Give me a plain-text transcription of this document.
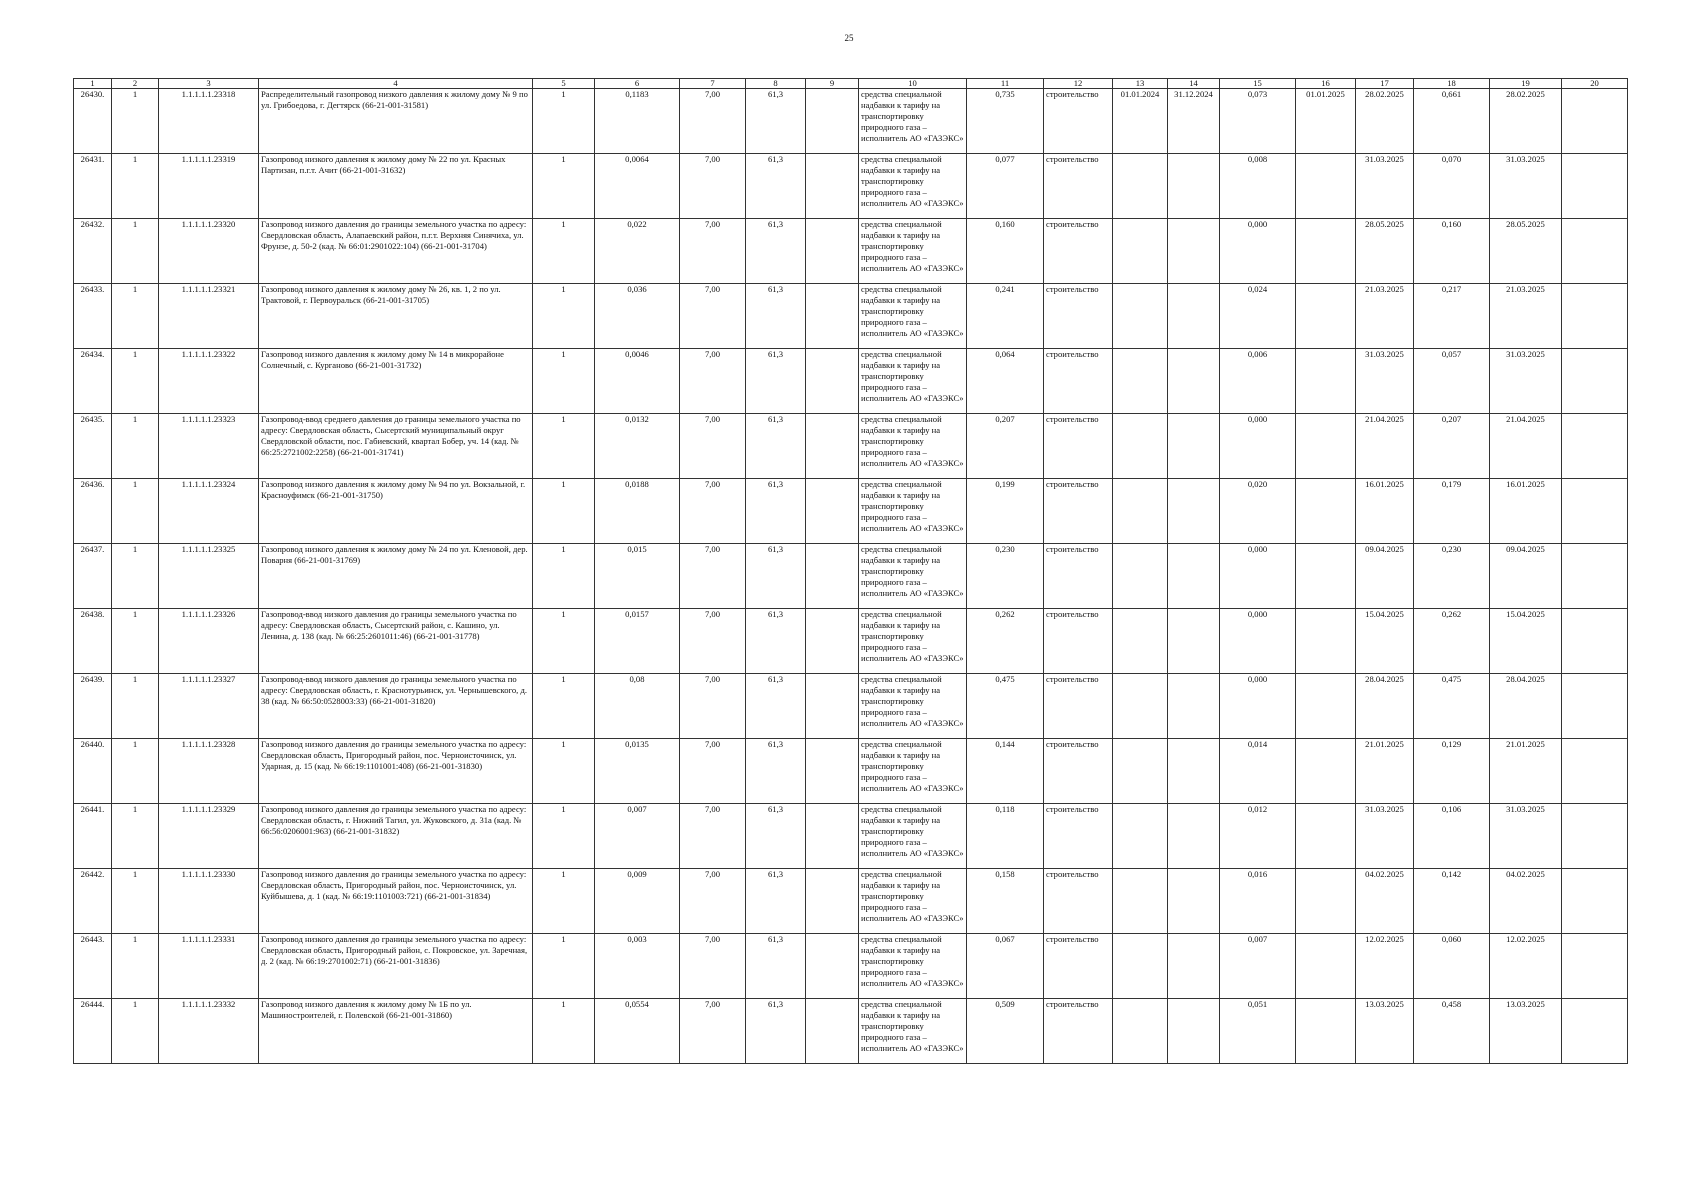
25
1	2	3	4	5	6	7	8	9	10	11	12	13	14	15	16	17	18	19	20
26430.	1	1.1.1.1.1.23318	Распределительный газопровод низкого давления к жилому дому № 9 по ул. Грибоедова, г. Дегтярск (66-21-001-31581)	1	0,1183	7,00	61,3		средства специальной надбавки к тарифу на транспортировку природного газа – исполнитель АО «ГАЗЭКС»	0,735	строительство	01.01.2024	31.12.2024	0,073	01.01.2025	28.02.2025	0,661	28.02.2025	
26431.	1	1.1.1.1.1.23319	Газопровод низкого давления к жилому дому № 22 по ул. Красных Партизан, п.г.т. Ачит (66-21-001-31632)	1	0,0064	7,00	61,3		средства специальной надбавки к тарифу на транспортировку природного газа – исполнитель АО «ГАЗЭКС»	0,077	строительство			0,008		31.03.2025	0,070	31.03.2025	
26432.	1	1.1.1.1.1.23320	Газопровод низкого давления до границы земельного участка по адресу: Свердловская область, Алапаевский район, п.г.т. Верхняя Синячиха, ул. Фрунзе, д. 50-2 (кад. № 66:01:2901022:104) (66-21-001-31704)	1	0,022	7,00	61,3		средства специальной надбавки к тарифу на транспортировку природного газа – исполнитель АО «ГАЗЭКС»	0,160	строительство			0,000		28.05.2025	0,160	28.05.2025	
26433.	1	1.1.1.1.1.23321	Газопровод низкого давления к жилому дому № 26, кв. 1, 2 по ул. Трактовой, г. Первоуральск (66-21-001-31705)	1	0,036	7,00	61,3		средства специальной надбавки к тарифу на транспортировку природного газа – исполнитель АО «ГАЗЭКС»	0,241	строительство			0,024		21.03.2025	0,217	21.03.2025	
26434.	1	1.1.1.1.1.23322	Газопровод низкого давления к жилому дому № 14 в микрорайоне Солнечный, с. Курганово (66-21-001-31732)	1	0,0046	7,00	61,3		средства специальной надбавки к тарифу на транспортировку природного газа – исполнитель АО «ГАЗЭКС»	0,064	строительство			0,006		31.03.2025	0,057	31.03.2025	
26435.	1	1.1.1.1.1.23323	Газопровод-ввод среднего давления до границы земельного участка по адресу: Свердловская область, Сысертский муниципальный округ Свердловской области, пос. Габиевский, квартал Бобер, уч. 14 (кад. № 66:25:2721002:2258) (66-21-001-31741)	1	0,0132	7,00	61,3		средства специальной надбавки к тарифу на транспортировку природного газа – исполнитель АО «ГАЗЭКС»	0,207	строительство			0,000		21.04.2025	0,207	21.04.2025	
26436.	1	1.1.1.1.1.23324	Газопровод низкого давления к жилому дому № 94 по ул. Вокзальной, г. Красноуфимск (66-21-001-31750)	1	0,0188	7,00	61,3		средства специальной надбавки к тарифу на транспортировку природного газа – исполнитель АО «ГАЗЭКС»	0,199	строительство			0,020		16.01.2025	0,179	16.01.2025	
26437.	1	1.1.1.1.1.23325	Газопровод низкого давления к жилому дому № 24 по ул. Кленовой, дер. Поварня (66-21-001-31769)	1	0,015	7,00	61,3		средства специальной надбавки к тарифу на транспортировку природного газа – исполнитель АО «ГАЗЭКС»	0,230	строительство			0,000		09.04.2025	0,230	09.04.2025	
26438.	1	1.1.1.1.1.23326	Газопровод-ввод низкого давления до границы земельного участка по адресу: Свердловская область, Сысертский район, с. Кашино, ул. Ленина, д. 138 (кад. № 66:25:2601011:46) (66-21-001-31778)	1	0,0157	7,00	61,3		средства специальной надбавки к тарифу на транспортировку природного газа – исполнитель АО «ГАЗЭКС»	0,262	строительство			0,000		15.04.2025	0,262	15.04.2025	
26439.	1	1.1.1.1.1.23327	Газопровод-ввод низкого давления до границы земельного участка по адресу: Свердловская область, г. Краснотурьинск, ул. Чернышевского, д. 38 (кад. № 66:50:0528003:33) (66-21-001-31820)	1	0,08	7,00	61,3		средства специальной надбавки к тарифу на транспортировку природного газа – исполнитель АО «ГАЗЭКС»	0,475	строительство			0,000		28.04.2025	0,475	28.04.2025	
26440.	1	1.1.1.1.1.23328	Газопровод низкого давления до границы земельного участка по адресу: Свердловская область, Пригородный район, пос. Черноисточинск, ул. Ударная, д. 15 (кад. № 66:19:1101001:408) (66-21-001-31830)	1	0,0135	7,00	61,3		средства специальной надбавки к тарифу на транспортировку природного газа – исполнитель АО «ГАЗЭКС»	0,144	строительство			0,014		21.01.2025	0,129	21.01.2025	
26441.	1	1.1.1.1.1.23329	Газопровод низкого давления до границы земельного участка по адресу: Свердловская область, г. Нижний Тагил, ул. Жуковского, д. 31а (кад. № 66:56:0206001:963) (66-21-001-31832)	1	0,007	7,00	61,3		средства специальной надбавки к тарифу на транспортировку природного газа – исполнитель АО «ГАЗЭКС»	0,118	строительство			0,012		31.03.2025	0,106	31.03.2025	
26442.	1	1.1.1.1.1.23330	Газопровод низкого давления до границы земельного участка по адресу: Свердловская область, Пригородный район, пос. Черноисточинск, ул. Куйбышева, д. 1 (кад. № 66:19:1101003:721) (66-21-001-31834)	1	0,009	7,00	61,3		средства специальной надбавки к тарифу на транспортировку природного газа – исполнитель АО «ГАЗЭКС»	0,158	строительство			0,016		04.02.2025	0,142	04.02.2025	
26443.	1	1.1.1.1.1.23331	Газопровод низкого давления до границы земельного участка по адресу: Свердловская область, Пригородный район, с. Покровское, ул. Заречная, д. 2 (кад. № 66:19:2701002:71) (66-21-001-31836)	1	0,003	7,00	61,3		средства специальной надбавки к тарифу на транспортировку природного газа – исполнитель АО «ГАЗЭКС»	0,067	строительство			0,007		12.02.2025	0,060	12.02.2025	
26444.	1	1.1.1.1.1.23332	Газопровод низкого давления к жилому дому № 1Б по ул. Машиностроителей, г. Полевской (66-21-001-31860)	1	0,0554	7,00	61,3		средства специальной надбавки к тарифу на транспортировку природного газа – исполнитель АО «ГАЗЭКС»	0,509	строительство			0,051		13.03.2025	0,458	13.03.2025	
